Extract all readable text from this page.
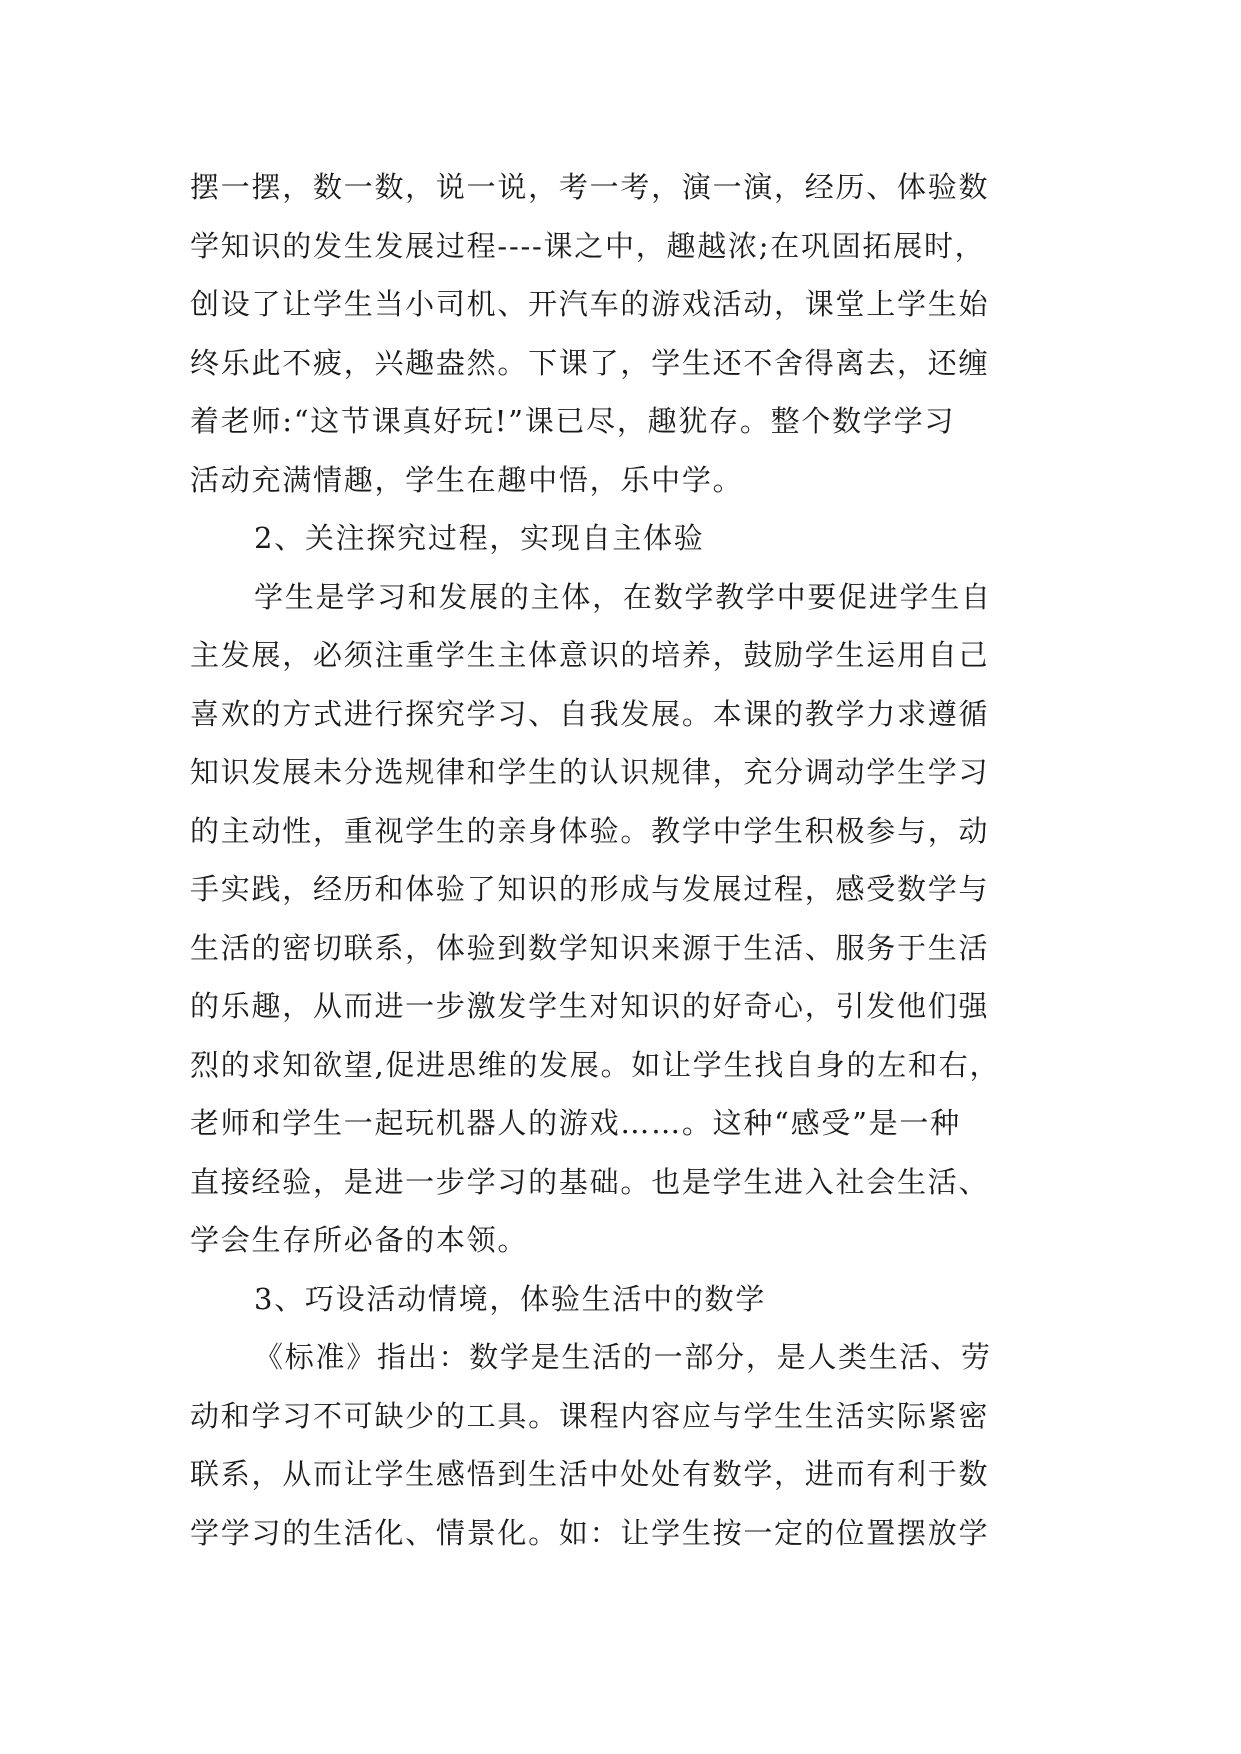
摆一摆，数一数，说一说，考一考，演一演，经历、体验数
学知识的发生发展过程----课之中，趣越浓;在巩固拓展时，
创设了让学生当小司机、开汽车的游戏活动，课堂上学生始
终乐此不疲，兴趣盎然。下课了，学生还不舍得离去，还缠
着老师:“这节课真好玩!”课已尽，趣犹存。整个数学学习
活动充满情趣，学生在趣中悟，乐中学。
2、关注探究过程，实现自主体验
学生是学习和发展的主体，在数学教学中要促进学生自
主发展，必须注重学生主体意识的培养，鼓励学生运用自己
喜欢的方式进行探究学习、自我发展。本课的教学力求遵循
知识发展未分选规律和学生的认识规律，充分调动学生学习
的主动性，重视学生的亲身体验。教学中学生积极参与，动
手实践，经历和体验了知识的形成与发展过程，感受数学与
生活的密切联系，体验到数学知识来源于生活、服务于生活
的乐趣，从而进一步激发学生对知识的好奇心，引发他们强
烈的求知欲望,促进思维的发展。如让学生找自身的左和右，
老师和学生一起玩机器人的游戏……。这种“感受”是一种
直接经验，是进一步学习的基础。也是学生进入社会生活、
学会生存所必备的本领。
3、巧设活动情境，体验生活中的数学
《标准》指出：数学是生活的一部分，是人类生活、劳
动和学习不可缺少的工具。课程内容应与学生生活实际紧密
联系，从而让学生感悟到生活中处处有数学，进而有利于数
学学习的生活化、情景化。如：让学生按一定的位置摆放学
